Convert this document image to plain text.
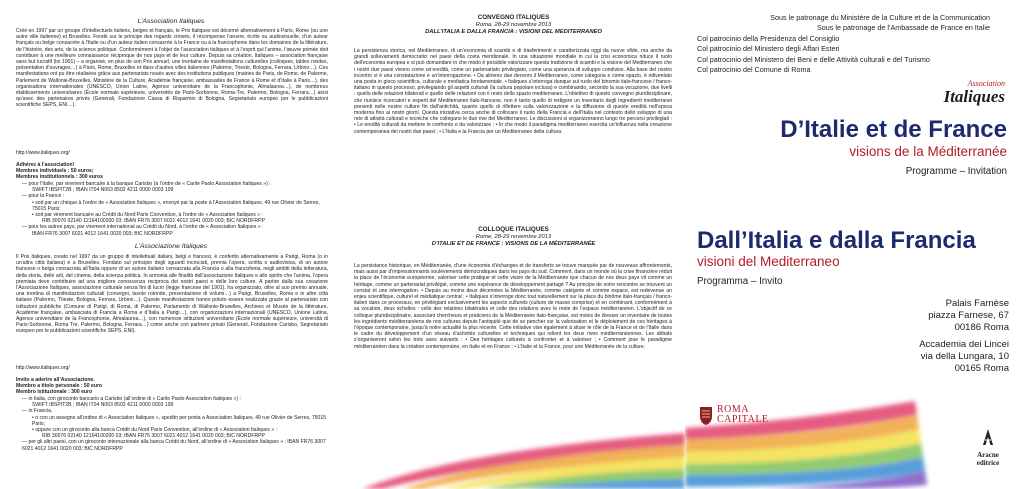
L’Association Italiques

Créé en 1997 par un groupe d’intellectuels italiens, belges et français, le Prix Italiques est décerné alternativement à Paris, Rome (ou une autre ville italienne) et Bruxelles. Fondé sur le principe des regards croisés, il récompense l’œuvre, écrite ou audiovisuelle, d’un auteur français ou belge consacrée à l’Italie ou d’un auteur italien consacrée à la France ou à la francophonie dans les domaines de la littérature, de l’histoire, des arts, de la science politique. Conformément à l’objet de l’association italiques et à l’esprit qui l’anime, l’œuvre primée doit contribuer à une meilleure connaissance réciproque de nos pays et de leur culture. Depuis sa création, Italiques – association française sans but lucratif (loi 1901) – a organisé, en plus de son Prix annuel, une trentaine de manifestations culturelles (colloques, tables rondes, présentation d’ouvrages…) à Paris, Rome, Bruxelles et dans d’autres villes italiennes (Palermo, Trieste, Bologna, Ferrara, Urbino…). Ces manifestations ont pu être réalisées grâce aux partenariats noués avec des institutions publiques (mairies de Paris, de Rome, de Palerme, Parlement de Wallonie-Bruxelles, Ministère de la Culture, Académie française, ambassades de France à Rome et d’Italie à Paris…), des organisations internationales (UNESCO, Union Latine, Agence universitaire de la Francophonie, Almalaurea…), de nombreux établissements universitaires (École normale supérieure, universités de Paris-Sorbonne, Roma-Tre, Palermo, Bologna, Ferrara…) ainsi qu’avec des partenaires privés (Generali, Fondazione Cassa di Risparmio di Bologna, Segretariato europeo per le pubblicazioni scientifiche SEPS, ENI…).

http://www.italiques.org/

Adhérez à l’association!
Membres individuels : 50 euros;
Membres institutionnels : 300 euros
— pour l’Italie, par virement bancaire à la banque Carisbo (à l’ordre de « Carile Paolo Association Italiques ») :
SWIFT IBSPIT2B ; IBAN IT04 N063 8502 4211 0000 0003 199
— pour la France :
• soit par un chèque à l’ordre de « Association Italiques », envoyé par la poste à l’Association Italiques, 49 rue Olivier de Serres, 75015 Paris;
• soit par virement bancaire au Crédit du Nord Paris Convention, à l’ordre de « Association Italiques » :
RIB 30076 02140 12164100200 03; IBAN FR76 3007 6021 4012 1641 0020 003; BIC NORDFRPP
— pour les autres pays, par virement international au Crédit du Nord, à l’ordre de « Association Italiques » :
IBAN FR76 3007 6021 4012 1641 0020 003; BIC NORDFRPP

L’Associazione Italiques

Il Prix Italiques, creato nel 1997 da un gruppo di intellettuali italiani, belgi e francesi, è conferito alternativamente a Parigi, Roma (o in un’altra città italiana) e a Bruxelles. Fondato sul principio degli sguardi incrociati, premia l’opera, scritta o audiovisiva, di un autore francese o belga consacrata all’Italia oppure di un autore italiano consacrata alla Francia o alla francofonia, negli ambiti della letteratura, della storia, delle arti, del cinema, della scienza politica. In armonia alle finalità dell’associazione Italiques e allo spirito che l’anima, l’opera premiata deve contribuire ad una migliore conoscenza reciproca dei nostri paesi e delle loro culture. A partire dalla sua creazione l’Associazione Italiques, associazione culturale senza fini di lucro (legge francese del 1901), ha organizzato, oltre al suo premio annuale, una trentina di manifestazioni culturali (convegni, tavole rotonde, presentazione di volumi…) a Parigi, Bruxelles, Roma e in altre città italiane (Palermo, Trieste, Bologna, Ferrara, Urbino…). Queste manifestazioni hanno potuto essere realizzate grazie al partenariato con istituzioni pubbliche (Comune di Parigi, di Roma, di Palermo, Parlamento di Wallonie-Bruxelles, Archives et Musée de la littérature, Académie française, ambasciata di Francia a Roma e d’Italia a Parigi…), con organizzazioni internazionali (UNESCO, Unione Latina, Agence universitaire de la Francophonie, Almalaurea…), con numerose istituzioni universitarie (École normale supérieure, università di Paris-Sorbonne, Roma Tre, Palermo, Bologna, Ferrara…) come anche con partners privati (Generali, Fondazione Carisbo, Segretariato europeo per le pubblicazioni scientifiche SEPS, ENI).

http://www.italiques.org/

Invito a aderire all’Associazione.
Membro a titolo personale : 50 euro
Membro istituzionale : 300 euro
— in Italia, con giroconto bancario a Carisbo (all’ordine di « Carile Paolo Association Italiques ») :
SWIFT IBSPIT2B ; IBAN IT04 N063 8502 4211 0000 0003 199
— in Francia,
• o con un assegno all’ordine di « Association Italiques », spedito per posta a Association Italiques, 49 rue Olivier de Serres, 75015 Paris;
• oppure con un giroconto alla banca Crédit du Nord Paris Convention, all’ordine di « Association Italiques » :
RIB 30076 02140 12164100200 03; IBAN FR76 3007 6021 4012 1641 0020 003; BIC NORDFRPP
— per gli altri paesi, con un giroconto internazionale alla banca Crédit du Nord, all’ordine di « Association Italiques » : IBAN FR76 3007 6021 4012 1641 0020 003; BIC NORDFRPP

CONVEGNO ITALIQUES

Roma, 28-29 novembre 2013

DALL’ITALIA E DALLA FRANCIA : VISIONI DEL MEDITERRANEO

La persistenza storica, nel Mediterraneo, di un’economia di scambi e di trasferimenti e caratterizzata oggi da nuove sfide, ma anche da grandi sollevamenti democratici nei paesi della costa meridionale. In una situazione mondiale in cui la crisi economica riduce il ruolo dell’economia europea e si può domandare in che modo è possibile valorizzare questa tradizione di scambi e la visione del Mediterraneo che i nostri due paesi vivono come un’eredità, come un partenariato privilegiato, come una speranza di sviluppo condiviso. Alla base del nostro incontro vi è una constatazione e un’interrogazione. • Da almeno due decenni il Mediterraneo, come categoria e come spazio, è ridiventato una posta in gioco scientifica, culturale e mediatica fondamentale. • Italiques s’interroga dunque sul ruolo del binomio italo-francese / franco-italiano in questo processo, privilegiando gli aspetti culturali (la cultura popolare inclusa) e combinando, secondo la sua vocazione, due livelli : quello delle relazioni bilaterali e quello delle relazioni con il resto dello spazio mediterraneo. L’obiettivo di questo convegno pluridisciplinare, che riunisce ricercatori e esperti del Mediterraneo italo-francese, non è tanto quello di redigere un inventario degli ingredienti mediterranei presenti nelle nostre culture fin dall’antichità, quanto quello di riflettere sulla valorizzazione e la diffusione di queste eredità nell’epoca moderna fino ai nostri giorni. Questa iniziativa cerca anche di collocare il ruolo della Francia e dell’Italia nel contesto dello sviluppo di una rete di attività culturali e tecniche che collegano le due rive del Mediterraneo. Le discussioni si organizzeranno lungo tre percorsi privilegiati : • Le eredità culturali da mettere in confronto e da valorizzare ; • In che modo il paradigma mediterraneo esercita un’influenza nella creazione contemporanea dei nostri due paesi ; • L’Italia e la Francia per un Mediterraneo della cultura.

COLLOQUE ITALIQUES

Rome, 28-29 novembre 2013

D’ITALIE ET DE FRANCE : VISIONS DE LA MÉDITERRANÉE

La persistance historique, en Méditerranée, d’une économie d’échanges et de transferts se trouve marquée par de nouveaux affrontements, mais aussi par d’impressionnants soulèvements démocratiques dans les pays du sud. Comment, dans un monde où la crise financière réduit la place de l’économie européenne, valoriser cette pratique et cette vision de la Méditerranée que chacun de nos deux pays vit comme un héritage, comme un partenariat privilégié, comme une espérance de développement partagé ? Au principe de notre rencontre se trouvent un constat et une interrogation. • Depuis au moins deux décennies la Méditerranée, comme catégorie et comme espace, est redevenue un enjeu scientifique, culturel et médiatique central ; • Italiques s’interroge donc tout naturellement sur la place du binôme italo-français / franco-italien dans ce processus, en privilégiant exclusivement les aspects culturels (culture de masse comprise) et en combinant, conformément à sa vocation, deux échelles : celle des relations bilatérales et celle des relations avec le reste de l’espace méditerranéen. L’objectif de ce colloque pluridisciplinaire, associant chercheurs et praticiens de la Méditerranée italo-française, est moins de dresser un inventaire de toutes les ingrédients méditerranéens de nos cultures depuis l’antiquité que de se pencher sur la valorisation et le déploiement de ces héritages à l’époque contemporaine, jusqu’à notre actualité la plus récente. Cette initiative vise également à situer le rôle de la France et de l’Italie dans le cadre du développement d’un réseau d’activités culturelles et techniques qui relient les deux rives méditerranéennes. Les débats s’organiseront selon les trois axes suivants : • Des héritages culturels à confronter et à valoriser ; • Comment joue le paradigme méditerranéen dans la création contemporaine, en Italie et en France ; • L’Italie et la France, pour une Méditerranée de la culture.

Sous le patronage du Ministère de la Culture et de la Communication
Sous le patronage de l’Ambassade de France en Italie
Col patrocinio della Presidenza del Consiglio
Col patrocinio del Ministero degli Affari Esteri
Col patrocinio del Ministero dei Beni e delle Attività culturali e del Turismo
Col patrocinio del Comune di Roma
Association
Italiques
D’Italie et de France
visions de la Méditerranée
Programme – Invitation
Dall’Italia e dalla Francia
visioni del Mediterraneo
Programma – Invito
Palais Farnèse
piazza Farnese, 67
00186 Roma
Accademia dei Lincei
via della Lungara, 10
00165 Roma
ROMA
CAPITALE
Aracne
editrice
